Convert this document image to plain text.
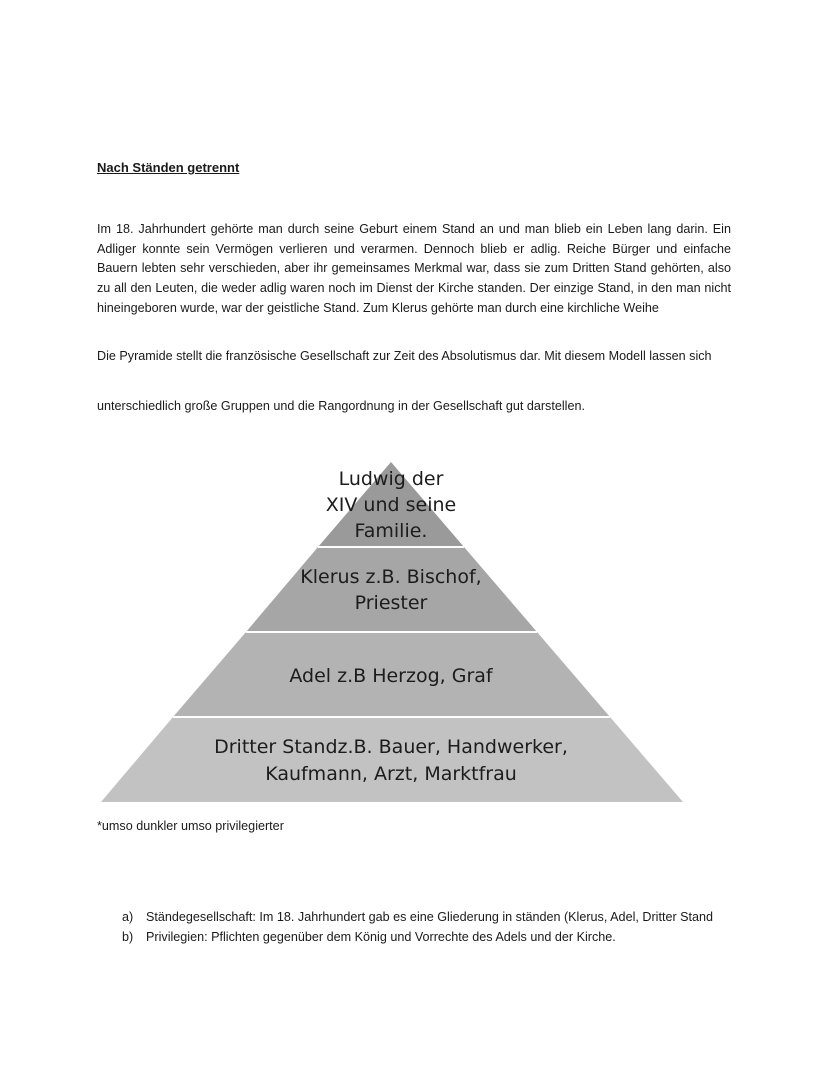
Nach Ständen getrennt

Im 18. Jahrhundert gehörte man durch seine Geburt einem Stand an und man blieb ein Leben lang darin. Ein Adliger konnte sein Vermögen verlieren und verarmen. Dennoch blieb er adlig. Reiche Bürger und einfache Bauern lebten sehr verschieden, aber ihr gemeinsames Merkmal war, dass sie zum Dritten Stand gehörten, also zu all den Leuten, die weder adlig waren noch im Dienst der Kirche standen. Der einzige Stand, in den man nicht hineingeboren wurde, war der geistliche Stand. Zum Klerus gehörte man durch eine kirchliche Weihe

Die Pyramide stellt die französische Gesellschaft zur Zeit des Absolutismus dar. Mit diesem Modell lassen sich

unterschiedlich große Gruppen und die Rangordnung in der Gesellschaft gut darstellen.

Ludwig der
XIV und seine
Familie.
Klerus z.B. Bischof,
Priester
Adel z.B Herzog, Graf
Dritter Standz.B. Bauer, Handwerker,
Kaufmann, Arzt, Marktfrau
*umso dunkler umso privilegierter
a)	Ständegesellschaft: Im 18. Jahrhundert gab es eine Gliederung in ständen (Klerus, Adel, Dritter Stand
b)	Privilegien: Pflichten gegenüber dem König und Vorrechte des Adels und der Kirche.
